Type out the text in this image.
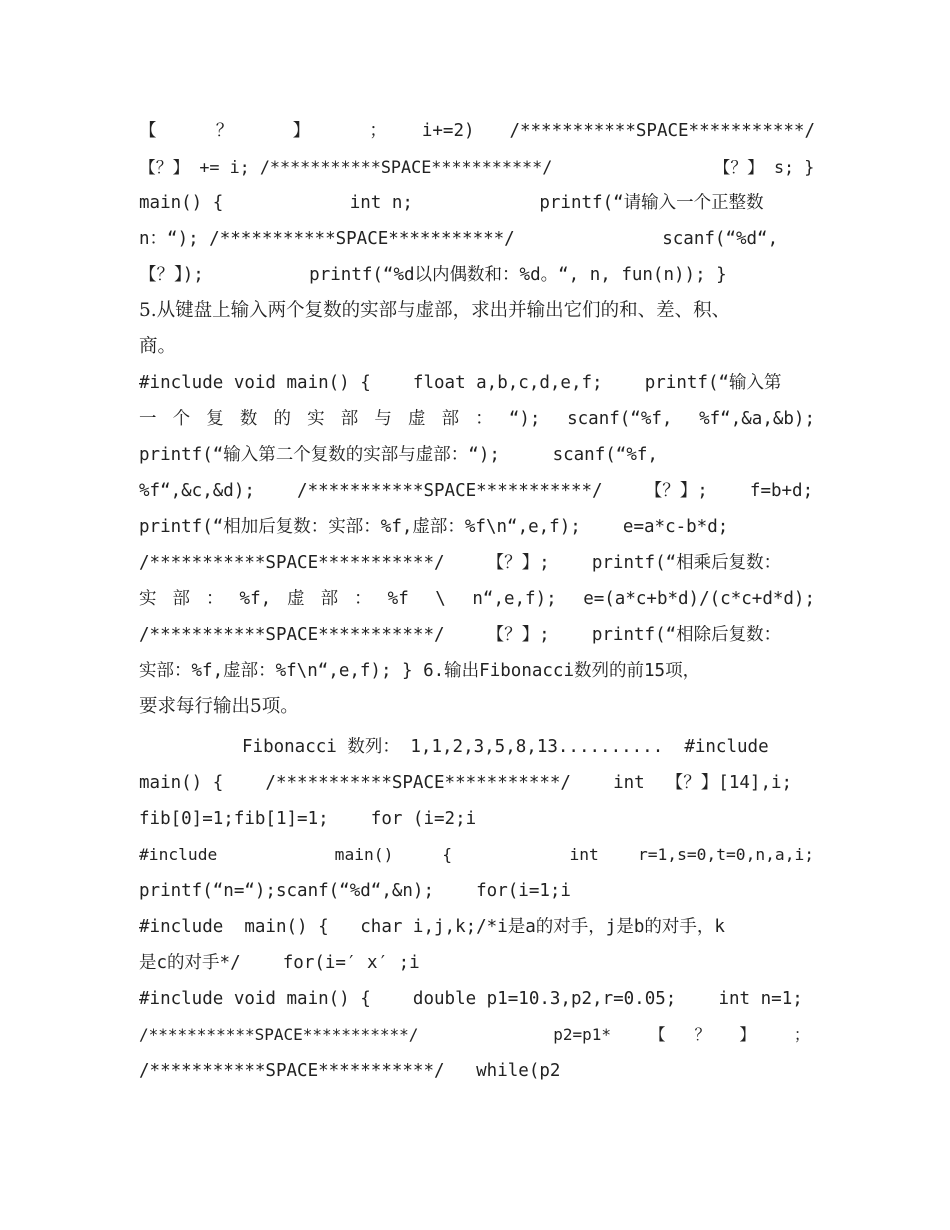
【 ？ 】 ； i+=2) /***********SPACE***********/
【？】 += i; /***********SPACE***********/                【？】 s; }
main() {            int n;            printf(“请输入一个正整数
n：“); /***********SPACE***********/              scanf(“%d“,
【？】);          printf(“%d以内偶数和：%d。“, n, fun(n)); }
5.从键盘上输入两个复数的实部与虚部，求出并输出它们的和、差、积、
商。
#include void main() {    float a,b,c,d,e,f;    printf(“输入第
一个复数的实部与虚部：“); scanf(“%f, %f“,&a,&b);
printf(“输入第二个复数的实部与虚部：“);     scanf(“%f,
%f“,&c,&d);    /***********SPACE***********/    【？】;    f=b+d;
printf(“相加后复数：实部：%f,虚部：%f\n“,e,f);    e=a*c-b*d;
/***********SPACE***********/    【？】;    printf(“相乘后复数：
实部：%f,虚部：%f \ n“,e,f); e=(a*c+b*d)/(c*c+d*d);
/***********SPACE***********/    【？】;    printf(“相除后复数：
实部：%f,虚部：%f\n“,e,f); } 6.输出Fibonacci数列的前15项，
要求每行输出5项。
Fibonacci 数列： 1,1,2,3,5,8,13..........  #include
main() {    /***********SPACE***********/    int  【？】[14],i;
fib[0]=1;fib[1]=1;    for (i=2;i
#include            main()     {            int    r=1,s=0,t=0,n,a,i;
printf(“n=“);scanf(“%d“,&n);    for(i=1;i
#include  main() {   char i,j,k;/*i是a的对手，j是b的对手，k
是c的对手*/    for(i=′ x′ ;i
#include void main() {    double p1=10.3,p2,r=0.05;    int n=1;
/***********SPACE***********/              p2=p1*    【   ？   】    ；
/***********SPACE***********/   while(p2
